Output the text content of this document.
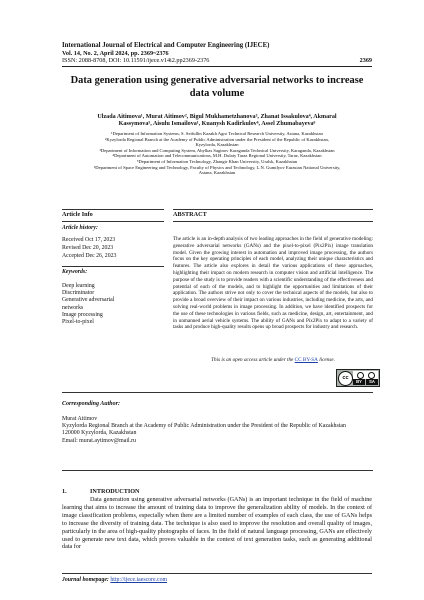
International Journal of Electrical and Computer Engineering (IJECE)
Vol. 14, No. 2, April 2024, pp. 2369~2376
ISSN: 2088-8708, DOI: 10.11591/ijece.v14i2.pp2369-2376	2369
Data generation using generative adversarial networks to increase data volume
Ulzada Aitimova¹, Murat Aitimov², Bigul Mukhametzhanova³, Zhanat Issakulova⁴, Akmaral
Kassymova⁵, Aisulu Ismailova¹, Kuanysh Kadirkulov⁶, Assel Zhumabayeva⁶
¹Department of Information Systems, S. Seifullin Kazakh Agro Technical Research University, Astana, Kazakhstan
²Kyzylorda Regional Branch at the Academy of Public Administration under the President of the Republic of Kazakhstan,
Kyzylorda, Kazakhstan
³Department of Information and Computing System, Abylkas Saginov Karaganda Technical University, Karaganda, Kazakhstan
⁴Department of Automation and Telecommunications, M.H. Dulaty Taraz Regional University, Taraz, Kazakhstan
⁵Department of Information Technology, Zhangir Khan University, Uralsk, Kazakhstan
⁶Department of Space Engineering and Technology, Faculty of Physics and Technology, L.N. Gumilyov Eurasian National University,
Astana, Kazakhstan
Article Info	ABSTRACT
Article history:
Received Oct 17, 2023
Revised Dec 20, 2023
Accepted Dec 26, 2023
Keywords:
Deep learning
Discriminator
Generative adversarial
networks
Image processing
Pixel-to-pixel
The article is an in-depth analysis of two leading approaches in the field of generative modeling: generative adversarial networks (GANs) and the pixel-to-pixel (Pix2Pix) image translation model. Given the growing interest in automation and improved image processing, the authors focus on the key operating principles of each model, analyzing their unique characteristics and features. The article also explores in detail the various applications of these approaches, highlighting their impact on modern research in computer vision and artificial intelligence. The purpose of the study is to provide readers with a scientific understanding of the effectiveness and potential of each of the models, and to highlight the opportunities and limitations of their application. The authors strive not only to cover the technical aspects of the models, but also to provide a broad overview of their impact on various industries, including medicine, the arts, and solving real-world problems in image processing. In addition, we have identified prospects for the use of these technologies in various fields, such as medicine, design, art, entertainment, and in unmanned aerial vehicle systems. The ability of GANs and Pix2Pix to adapt to a variety of tasks and produce high-quality results opens up broad prospects for industry and research.
This is an open access article under the CC BY-SA license.
cc
BY	SA
Corresponding Author:
Murat Aitimov
Kyzylorda Regional Branch at the Academy of Public Administration under the President of the Republic of Kazakhstan
120000 Kyzylorda, Kazakhstan
Email: murat.aytimov@mail.ru
1.	INTRODUCTION
Data generation using generative adversarial networks (GANs) is an important technique in the field of machine learning that aims to increase the amount of training data to improve the generalization ability of models. In the context of image classification problems, especially when there are a limited number of examples of each class, the use of GANs helps to increase the diversity of training data. The technique is also used to improve the resolution and overall quality of images, particularly in the area of high-quality photographs of faces. In the field of natural language processing, GANs are effectively used to generate new text data, which proves valuable in the context of text generation tasks, such as generating additional data for
Journal homepage: http://ijece.iaescore.com
